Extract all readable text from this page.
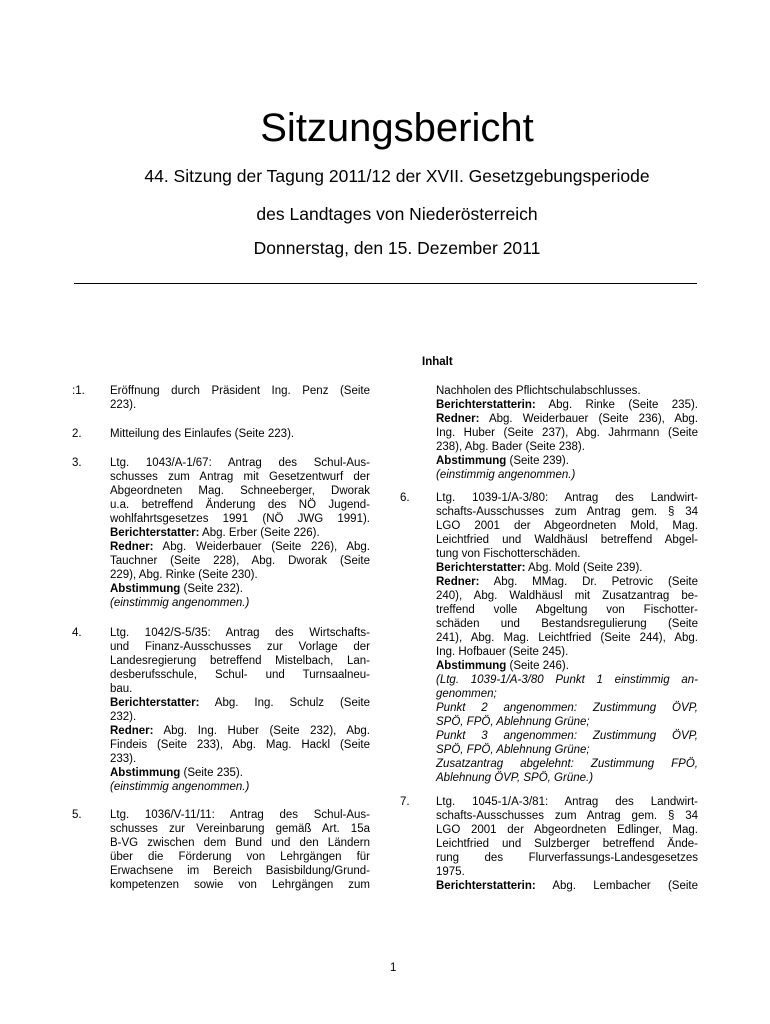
Sitzungsbericht
44. Sitzung der Tagung 2011/12 der XVII. Gesetzgebungsperiode
des Landtages von Niederösterreich
Donnerstag, den 15. Dezember 2011
Inhalt
:1. Eröffnung durch Präsident Ing. Penz (Seite
223).
2. Mitteilung des Einlaufes (Seite 223).
3. Ltg. 1043/A-1/67: Antrag des Schul-Aus-
schusses zum Antrag mit Gesetzentwurf der
Abgeordneten Mag. Schneeberger, Dworak
u.a. betreffend Änderung des NÖ Jugend-
wohlfahrtsgesetzes 1991 (NÖ JWG 1991).
Berichterstatter: Abg. Erber (Seite 226).
Redner: Abg. Weiderbauer (Seite 226), Abg.
Tauchner (Seite 228), Abg. Dworak (Seite
229), Abg. Rinke (Seite 230).
Abstimmung (Seite 232).
(einstimmig angenommen.)
4. Ltg. 1042/S-5/35: Antrag des Wirtschafts-
und Finanz-Ausschusses zur Vorlage der
Landesregierung betreffend Mistelbach, Lan-
desberufsschule, Schul- und Turnsaalneu-
bau.
Berichterstatter: Abg. Ing. Schulz (Seite
232).
Redner: Abg. Ing. Huber (Seite 232), Abg.
Findeis (Seite 233), Abg. Mag. Hackl (Seite
233).
Abstimmung (Seite 235).
(einstimmig angenommen.)
5. Ltg. 1036/V-11/11: Antrag des Schul-Aus-
schusses zur Vereinbarung gemäß Art. 15a
B-VG zwischen dem Bund und den Ländern
über die Förderung von Lehrgängen für
Erwachsene im Bereich Basisbildung/Grund-
kompetenzen sowie von Lehrgängen zum
Nachholen des Pflichtschulabschlusses.
Berichterstatterin: Abg. Rinke (Seite 235).
Redner: Abg. Weiderbauer (Seite 236), Abg.
Ing. Huber (Seite 237), Abg. Jahrmann (Seite
238), Abg. Bader (Seite 238).
Abstimmung (Seite 239).
(einstimmig angenommen.)
6. Ltg. 1039-1/A-3/80: Antrag des Landwirt-
schafts-Ausschusses zum Antrag gem. § 34
LGO 2001 der Abgeordneten Mold, Mag.
Leichtfried und Waldhäusl betreffend Abgel-
tung von Fischotterschäden.
Berichterstatter: Abg. Mold (Seite 239).
Redner: Abg. MMag. Dr. Petrovic (Seite
240), Abg. Waldhäusl mit Zusatzantrag be-
treffend volle Abgeltung von Fischotter-
schäden und Bestandsregulierung (Seite
241), Abg. Mag. Leichtfried (Seite 244), Abg.
Ing. Hofbauer (Seite 245).
Abstimmung (Seite 246).
(Ltg. 1039-1/A-3/80 Punkt 1 einstimmig an-
genommen;
Punkt 2 angenommen: Zustimmung ÖVP,
SPÖ, FPÖ, Ablehnung Grüne;
Punkt 3 angenommen: Zustimmung ÖVP,
SPÖ, FPÖ, Ablehnung Grüne;
Zusatzantrag abgelehnt: Zustimmung FPÖ,
Ablehnung ÖVP, SPÖ, Grüne.)
7. Ltg. 1045-1/A-3/81: Antrag des Landwirt-
schafts-Ausschusses zum Antrag gem. § 34
LGO 2001 der Abgeordneten Edlinger, Mag.
Leichtfried und Sulzberger betreffend Ände-
rung des Flurverfassungs-Landesgesetzes
1975.
Berichterstatterin: Abg. Lembacher (Seite
1
